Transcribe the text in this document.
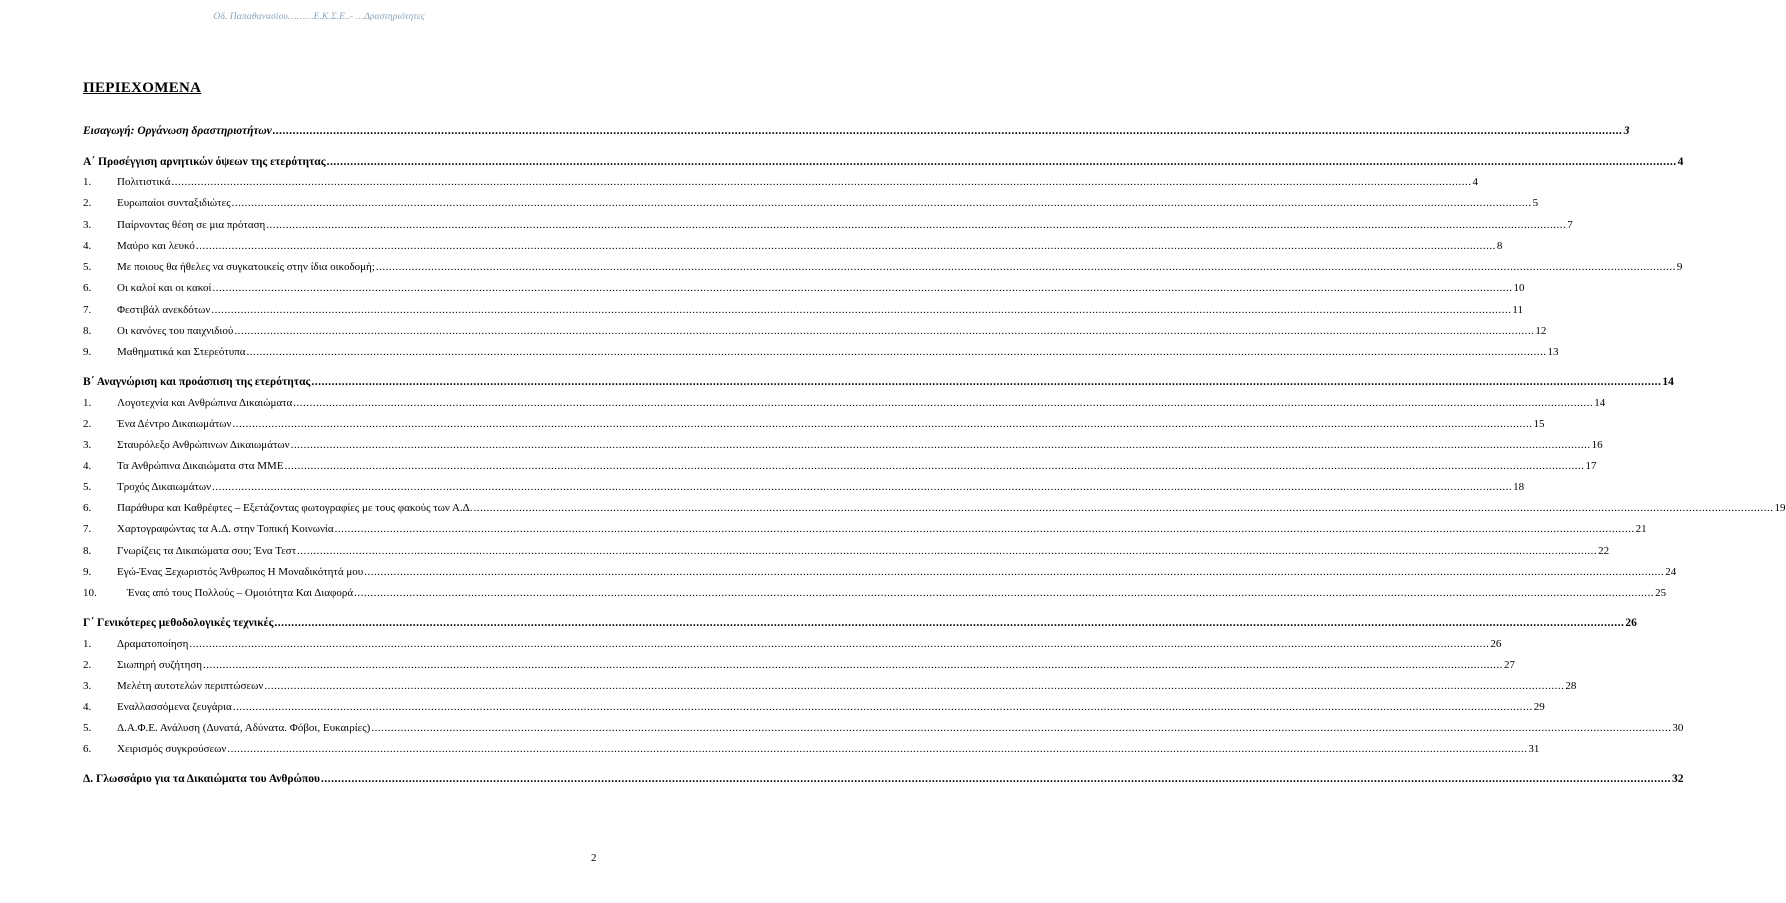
Οδ. Παπαθανασίου………Ε.Κ.Σ.Ε..- …Δραστηριότητες
ΠΕΡΙΕΧΟΜΕΝΑ
Εισαγωγή: Οργάνωση δραστηριοτήτων ................................................................................................................................................................................................................................................................................................................................................................................................................ 3
Α΄ Προσέγγιση αρνητικών όψεων της ετερότητας ................................................................................................................................................................................................................................................................................................................................................................................................................ 4
1.	Πολιτιστικά ................................................................................................................................................................................................................................................................................................................................................................................................................ 4
2.	Ευρωπαίοι συνταξιδιώτες ................................................................................................................................................................................................................................................................................................................................................................................................................ 5
3.	Παίρνοντας θέση σε μια πρόταση ................................................................................................................................................................................................................................................................................................................................................................................................................ 7
4.	Μαύρο και λευκό ................................................................................................................................................................................................................................................................................................................................................................................................................ 8
5.	Με ποιους θα ήθελες να συγκατοικείς στην ίδια οικοδομή; ................................................................................................................................................................................................................................................................................................................................................................................................................ 9
6.	Οι καλοί και οι κακοί ................................................................................................................................................................................................................................................................................................................................................................................................................ 10
7.	Φεστιβάλ ανεκδότων ................................................................................................................................................................................................................................................................................................................................................................................................................ 11
8.	Οι κανόνες του παιχνιδιού ................................................................................................................................................................................................................................................................................................................................................................................................................ 12
9.	Μαθηματικά και Στερεότυπα ................................................................................................................................................................................................................................................................................................................................................................................................................ 13
Β΄ Αναγνώριση και προάσπιση της ετερότητας ................................................................................................................................................................................................................................................................................................................................................................................................................ 14
1.	Λογοτεχνία και Ανθρώπινα Δικαιώματα ................................................................................................................................................................................................................................................................................................................................................................................................................ 14
2.	Ένα Δέντρο Δικαιωμάτων ................................................................................................................................................................................................................................................................................................................................................................................................................ 15
3.	Σταυρόλεξο Ανθρώπινων Δικαιωμάτων ................................................................................................................................................................................................................................................................................................................................................................................................................ 16
4.	Τα Ανθρώπινα Δικαιώματα στα ΜΜΕ ................................................................................................................................................................................................................................................................................................................................................................................................................ 17
5.	Τροχός Δικαιωμάτων ................................................................................................................................................................................................................................................................................................................................................................................................................ 18
6.	Παράθυρα και Καθρέφτες – Εξετάζοντας φωτογραφίες με τους φακούς των Α.Δ. ................................................................................................................................................................................................................................................................................................................................................................................................................ 19
7.	Χαρτογραφώντας τα Α.Δ. στην Τοπική Κοινωνία ................................................................................................................................................................................................................................................................................................................................................................................................................ 21
8.	Γνωρίζεις τα Δικαιώματα σου; Ένα Τεστ ................................................................................................................................................................................................................................................................................................................................................................................................................ 22
9.	Εγώ-Ένας Ξεχωριστός Άνθρωπος Η Μοναδικότητά μου ................................................................................................................................................................................................................................................................................................................................................................................................................ 24
10.	Ένας από τους Πολλούς – Ομοιότητα Και Διαφορά ................................................................................................................................................................................................................................................................................................................................................................................................................ 25
Γ΄ Γενικότερες μεθοδολογικές τεχνικές ................................................................................................................................................................................................................................................................................................................................................................................................................ 26
1.	Δραματοποίηση ................................................................................................................................................................................................................................................................................................................................................................................................................ 26
2.	Σιωπηρή συζήτηση ................................................................................................................................................................................................................................................................................................................................................................................................................ 27
3.	Μελέτη αυτοτελών περιπτώσεων ................................................................................................................................................................................................................................................................................................................................................................................................................ 28
4.	Εναλλασσόμενα ζευγάρια ................................................................................................................................................................................................................................................................................................................................................................................................................ 29
5.	Δ.Α.Φ.Ε. Ανάλυση (Δυνατά, Αδύνατα. Φόβοι, Ευκαιρίες) ................................................................................................................................................................................................................................................................................................................................................................................................................ 30
6.	Χειρισμός συγκρούσεων ................................................................................................................................................................................................................................................................................................................................................................................................................ 31
Δ. Γλωσσάριο για τα Δικαιώματα του Ανθρώπου ................................................................................................................................................................................................................................................................................................................................................................................................................ 32
2
